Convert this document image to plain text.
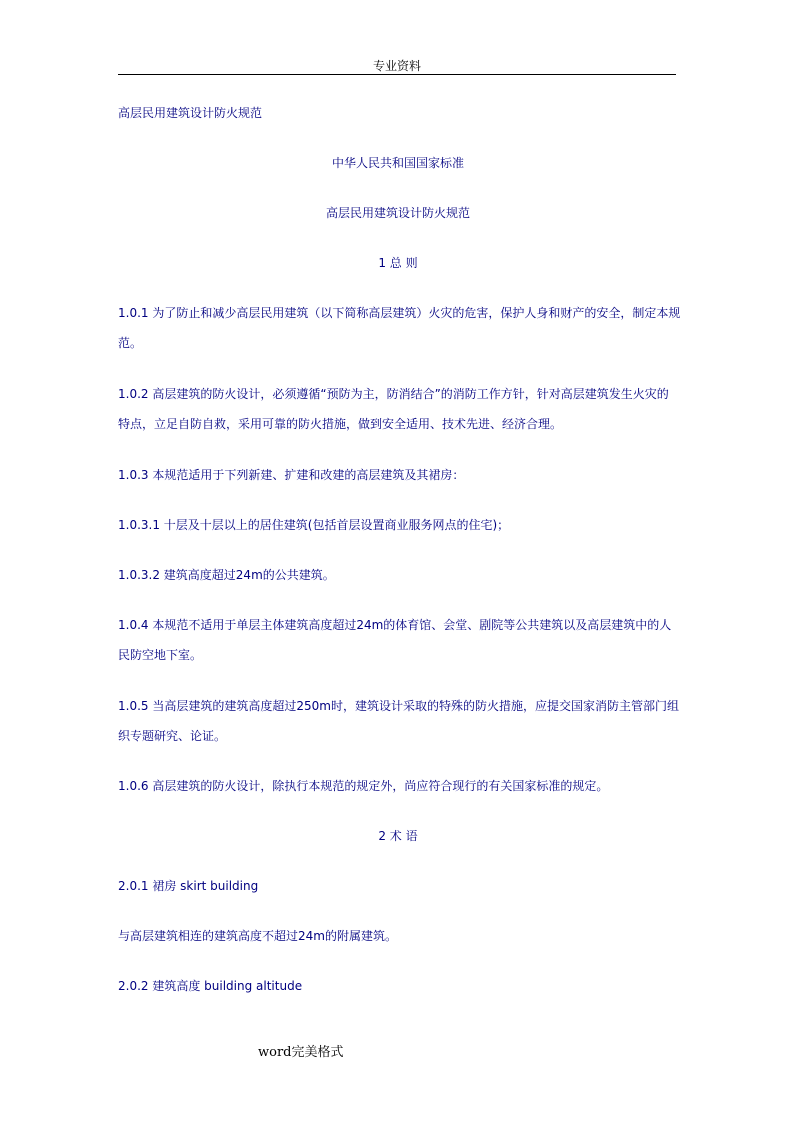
专业资料
高层民用建筑设计防火规范
中华人民共和国国家标准
高层民用建筑设计防火规范
1 总 则
1.0.1 为了防止和减少高层民用建筑（以下简称高层建筑）火灾的危害，保护人身和财产的安全，制定本规
范。
1.0.2 高层建筑的防火设计，必须遵循“预防为主，防消结合”的消防工作方针，针对高层建筑发生火灾的
特点，立足自防自救，采用可靠的防火措施，做到安全适用、技术先进、经济合理。
1.0.3 本规范适用于下列新建、扩建和改建的高层建筑及其裙房：
1.0.3.1 十层及十层以上的居住建筑(包括首层设置商业服务网点的住宅)；
1.0.3.2 建筑高度超过24m的公共建筑。
1.0.4 本规范不适用于单层主体建筑高度超过24m的体育馆、会堂、剧院等公共建筑以及高层建筑中的人
民防空地下室。
1.0.5 当高层建筑的建筑高度超过250m时，建筑设计采取的特殊的防火措施，应提交国家消防主管部门组
织专题研究、论证。
1.0.6 高层建筑的防火设计，除执行本规范的规定外，尚应符合现行的有关国家标准的规定。
2 术 语
2.0.1 裙房 skirt building
与高层建筑相连的建筑高度不超过24m的附属建筑。
2.0.2 建筑高度 building altitude
word完美格式
